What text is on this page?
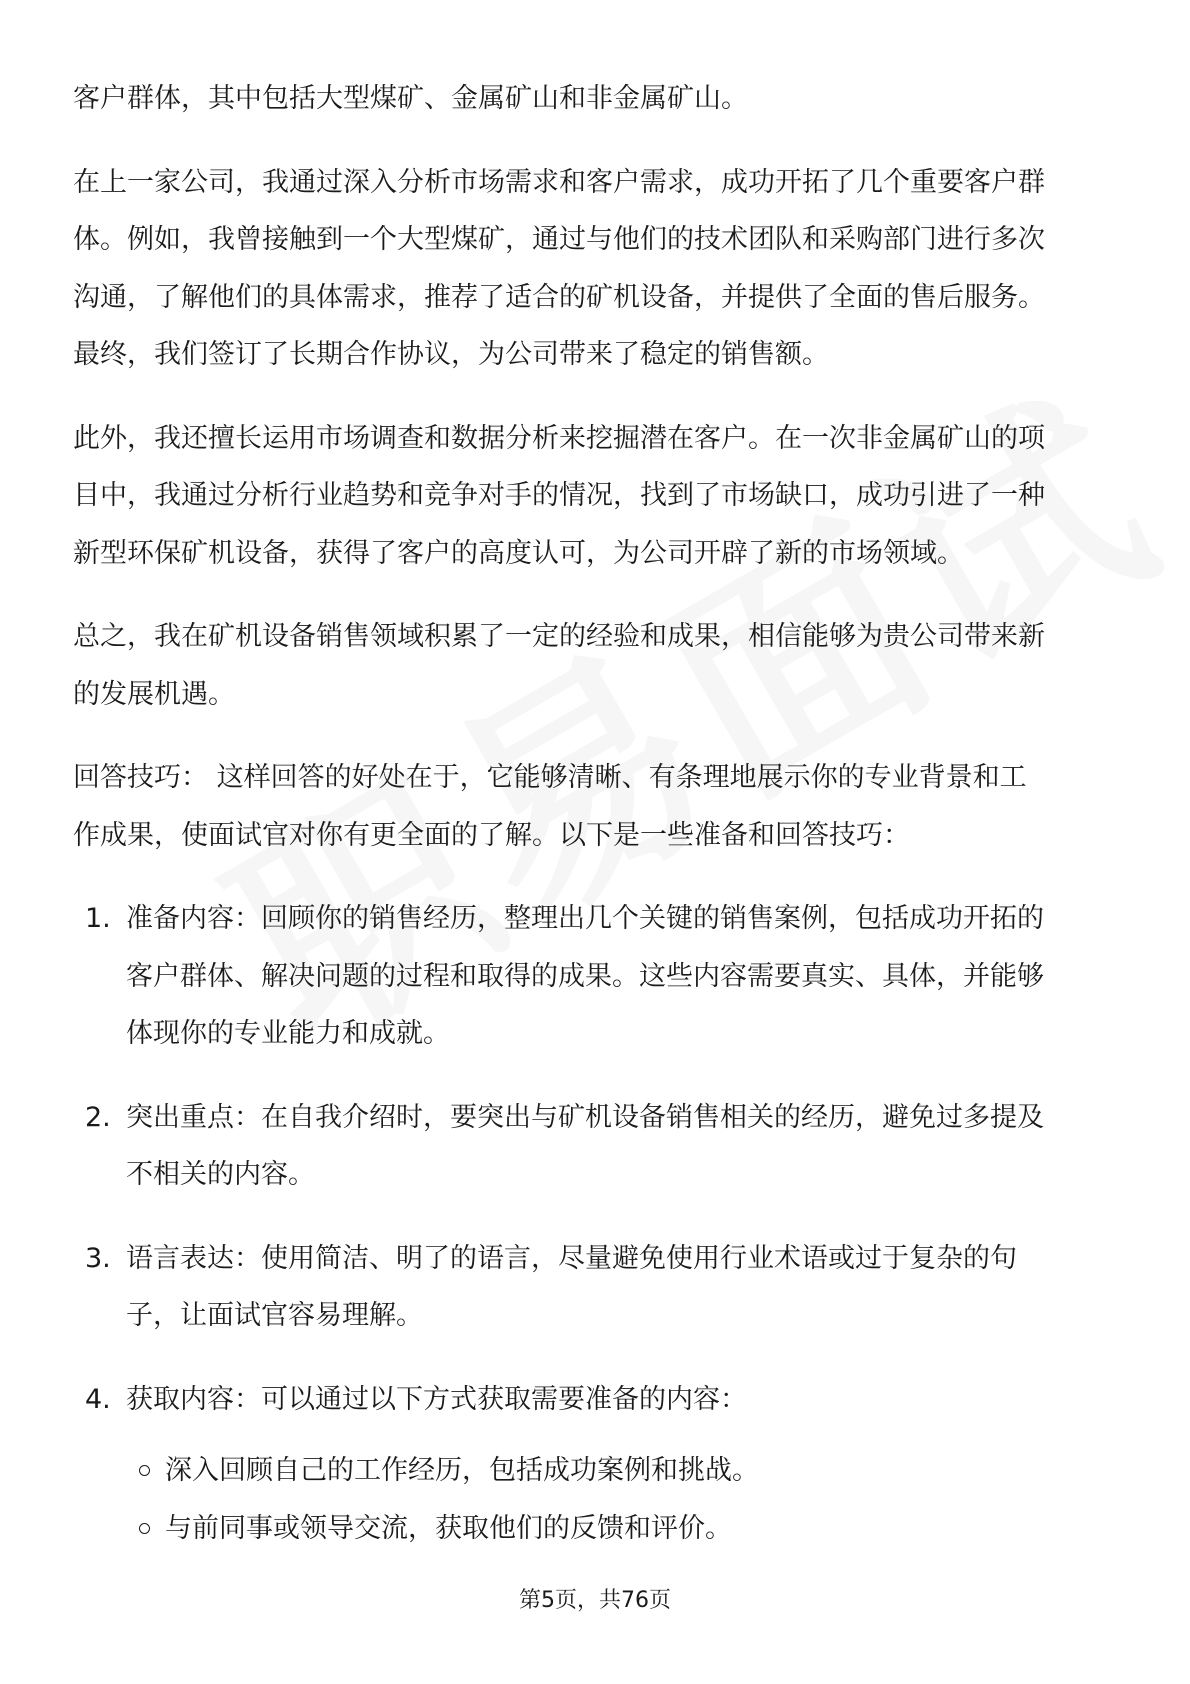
客户群体，其中包括大型煤矿、金属矿山和非金属矿山。

在上一家公司，我通过深入分析市场需求和客户需求，成功开拓了几个重要客户群体。例如，我曾接触到一个大型煤矿，通过与他们的技术团队和采购部门进行多次沟通，了解他们的具体需求，推荐了适合的矿机设备，并提供了全面的售后服务。最终，我们签订了长期合作协议，为公司带来了稳定的销售额。

此外，我还擅长运用市场调查和数据分析来挖掘潜在客户。在一次非金属矿山的项目中，我通过分析行业趋势和竞争对手的情况，找到了市场缺口，成功引进了一种新型环保矿机设备，获得了客户的高度认可，为公司开辟了新的市场领域。

总之，我在矿机设备销售领域积累了一定的经验和成果，相信能够为贵公司带来新的发展机遇。

回答技巧： 这样回答的好处在于，它能够清晰、有条理地展示你的专业背景和工作成果，使面试官对你有更全面的了解。以下是一些准备和回答技巧：

1. 准备内容：回顾你的销售经历，整理出几个关键的销售案例，包括成功开拓的客户群体、解决问题的过程和取得的成果。这些内容需要真实、具体，并能够体现你的专业能力和成就。
2. 突出重点：在自我介绍时，要突出与矿机设备销售相关的经历，避免过多提及不相关的内容。
3. 语言表达：使用简洁、明了的语言，尽量避免使用行业术语或过于复杂的句子，让面试官容易理解。
4. 获取内容：可以通过以下方式获取需要准备的内容：
深入回顾自己的工作经历，包括成功案例和挑战。
与前同事或领导交流，获取他们的反馈和评价。
第5页，共76页
